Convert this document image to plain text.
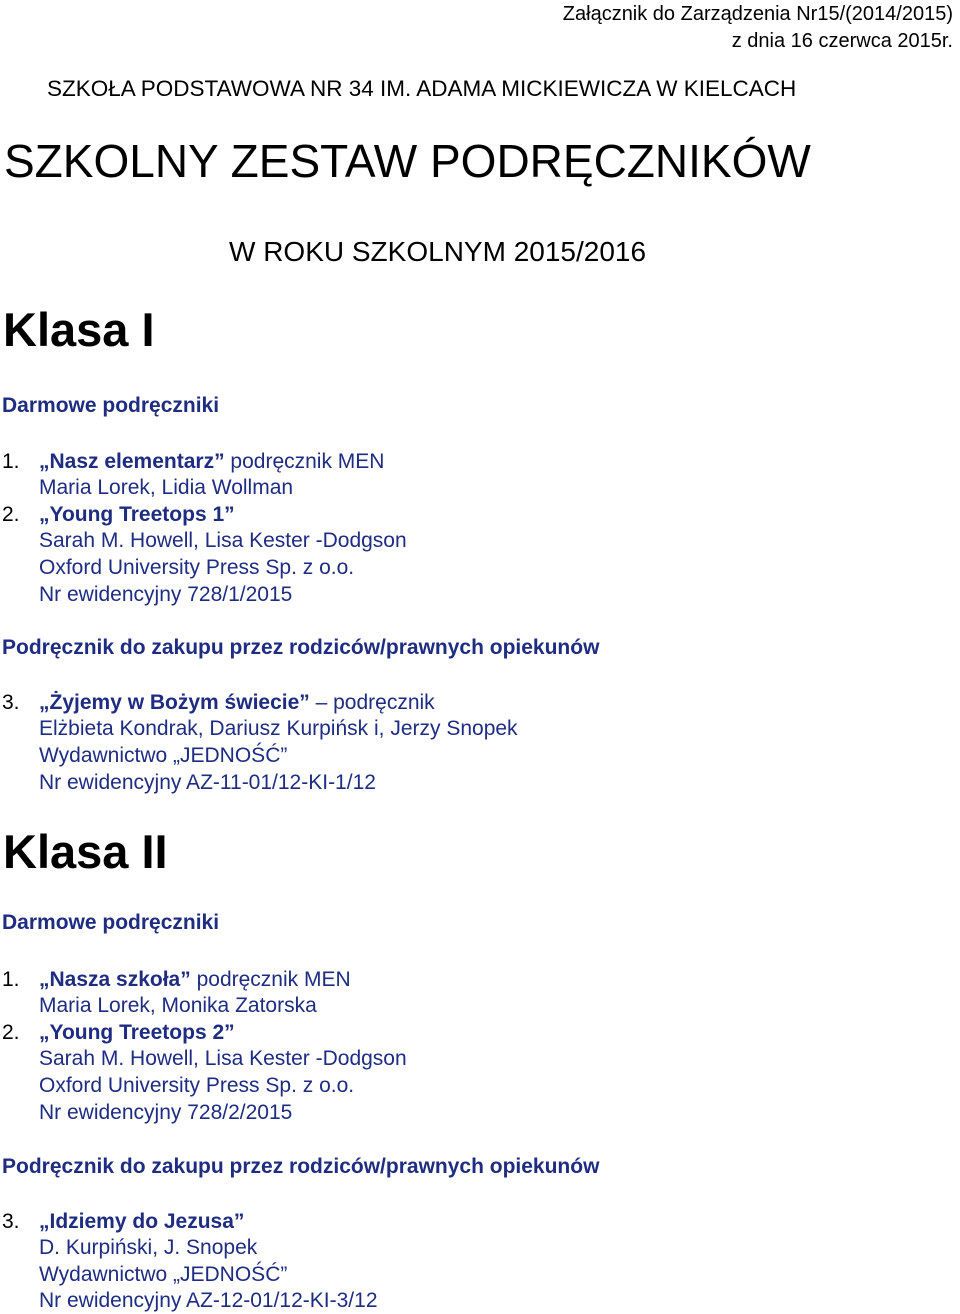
Załącznik do Zarządzenia Nr15/(2014/2015)
z dnia 16 czerwca 2015r.
SZKOŁA PODSTAWOWA NR 34 IM. ADAMA MICKIEWICZA W KIELCACH
SZKOLNY ZESTAW PODRĘCZNIKÓW
W ROKU SZKOLNYM 2015/2016
Klasa I
Darmowe podręczniki
1. „Nasz elementarz” podręcznik MEN
Maria Lorek, Lidia Wollman
2. „Young Treetops 1”
Sarah M. Howell, Lisa Kester -Dodgson
Oxford University Press Sp. z o.o.
Nr ewidencyjny 728/1/2015
Podręcznik do zakupu przez rodziców/prawnych opiekunów
3. „Żyjemy w Bożym świecie” – podręcznik
Elżbieta Kondrak, Dariusz Kurpińsk i, Jerzy Snopek
Wydawnictwo „JEDNOŚĆ”
Nr ewidencyjny AZ-11-01/12-KI-1/12
Klasa II
Darmowe podręczniki
1. „Nasza szkoła” podręcznik MEN
Maria Lorek, Monika Zatorska
2. „Young Treetops 2”
Sarah M. Howell, Lisa Kester -Dodgson
Oxford University Press Sp. z o.o.
Nr ewidencyjny 728/2/2015
Podręcznik do zakupu przez rodziców/prawnych opiekunów
3. „Idziemy do Jezusa”
D. Kurpiński, J. Snopek
Wydawnictwo „JEDNOŚĆ”
Nr ewidencyjny AZ-12-01/12-KI-3/12
